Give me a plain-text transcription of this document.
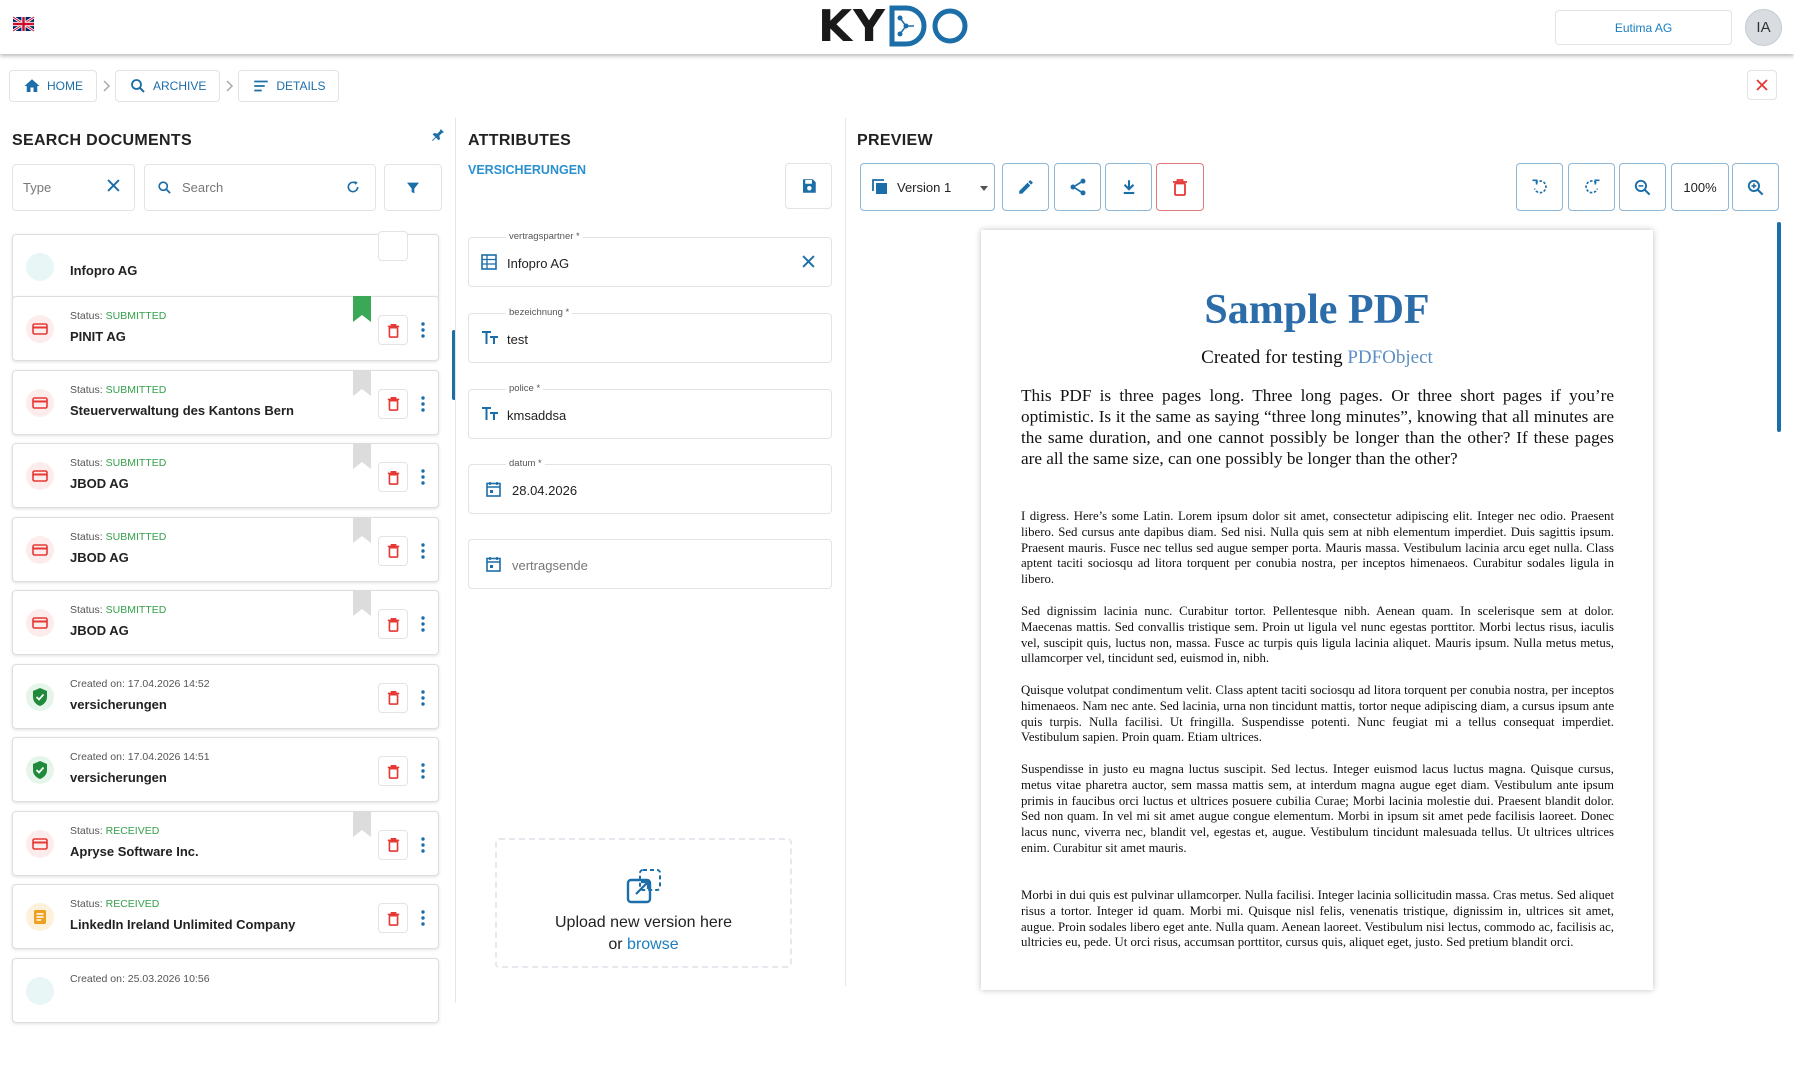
KY	Eutima AG	IA
HOME	ARCHIVE	DETAILS
SEARCH DOCUMENTS
Type	Search
Infopro AG
Status: SUBMITTED
PINIT AG
Status: SUBMITTED
Steuerverwaltung des Kantons Bern
Status: SUBMITTED
JBOD AG
Status: SUBMITTED
JBOD AG
Status: SUBMITTED
JBOD AG
Created on: 17.04.2026 14:52
versicherungen
Created on: 17.04.2026 14:51
versicherungen
Status: RECEIVED
Apryse Software Inc.
Status: RECEIVED
LinkedIn Ireland Unlimited Company
Created on: 25.03.2026 10:56
ATTRIBUTES
VERSICHERUNGEN
vertragspartner *
Infopro AG
bezeichnung *
test
police *
kmsaddsa
datum *
28.04.2026
vertragsende
Upload new version here
or browse
PREVIEW
Version 1	100%
Sample PDF
Created for testing PDFObject
This PDF is three pages long. Three long pages. Or three short pages if you’re optimistic. Is it the same as saying “three long minutes”, knowing that all minutes are the same duration, and one cannot possibly be longer than the other? If these pages are all the same size, can one possibly be longer than the other?
I digress. Here’s some Latin. Lorem ipsum dolor sit amet, consectetur adipiscing elit. Integer nec odio. Praesent libero. Sed cursus ante dapibus diam. Sed nisi. Nulla quis sem at nibh elementum imperdiet. Duis sagittis ipsum. Praesent mauris. Fusce nec tellus sed augue semper porta. Mauris massa. Vestibulum lacinia arcu eget nulla. Class aptent taciti sociosqu ad litora torquent per conubia nostra, per inceptos himenaeos. Curabitur sodales ligula in libero.
Sed dignissim lacinia nunc. Curabitur tortor. Pellentesque nibh. Aenean quam. In scelerisque sem at dolor. Maecenas mattis. Sed convallis tristique sem. Proin ut ligula vel nunc egestas porttitor. Morbi lectus risus, iaculis vel, suscipit quis, luctus non, massa. Fusce ac turpis quis ligula lacinia aliquet. Mauris ipsum. Nulla metus metus, ullamcorper vel, tincidunt sed, euismod in, nibh.
Quisque volutpat condimentum velit. Class aptent taciti sociosqu ad litora torquent per conubia nostra, per inceptos himenaeos. Nam nec ante. Sed lacinia, urna non tincidunt mattis, tortor neque adipiscing diam, a cursus ipsum ante quis turpis. Nulla facilisi. Ut fringilla. Suspendisse potenti. Nunc feugiat mi a tellus consequat imperdiet. Vestibulum sapien. Proin quam. Etiam ultrices.
Suspendisse in justo eu magna luctus suscipit. Sed lectus. Integer euismod lacus luctus magna. Quisque cursus, metus vitae pharetra auctor, sem massa mattis sem, at interdum magna augue eget diam. Vestibulum ante ipsum primis in faucibus orci luctus et ultrices posuere cubilia Curae; Morbi lacinia molestie dui. Praesent blandit dolor. Sed non quam. In vel mi sit amet augue congue elementum. Morbi in ipsum sit amet pede facilisis laoreet. Donec lacus nunc, viverra nec, blandit vel, egestas et, augue. Vestibulum tincidunt malesuada tellus. Ut ultrices ultrices enim. Curabitur sit amet mauris.
Morbi in dui quis est pulvinar ullamcorper. Nulla facilisi. Integer lacinia sollicitudin massa. Cras metus. Sed aliquet risus a tortor. Integer id quam. Morbi mi. Quisque nisl felis, venenatis tristique, dignissim in, ultrices sit amet, augue. Proin sodales libero eget ante. Nulla quam. Aenean laoreet. Vestibulum nisi lectus, commodo ac, facilisis ac, ultricies eu, pede. Ut orci risus, accumsan porttitor, cursus quis, aliquet eget, justo. Sed pretium blandit orci.
